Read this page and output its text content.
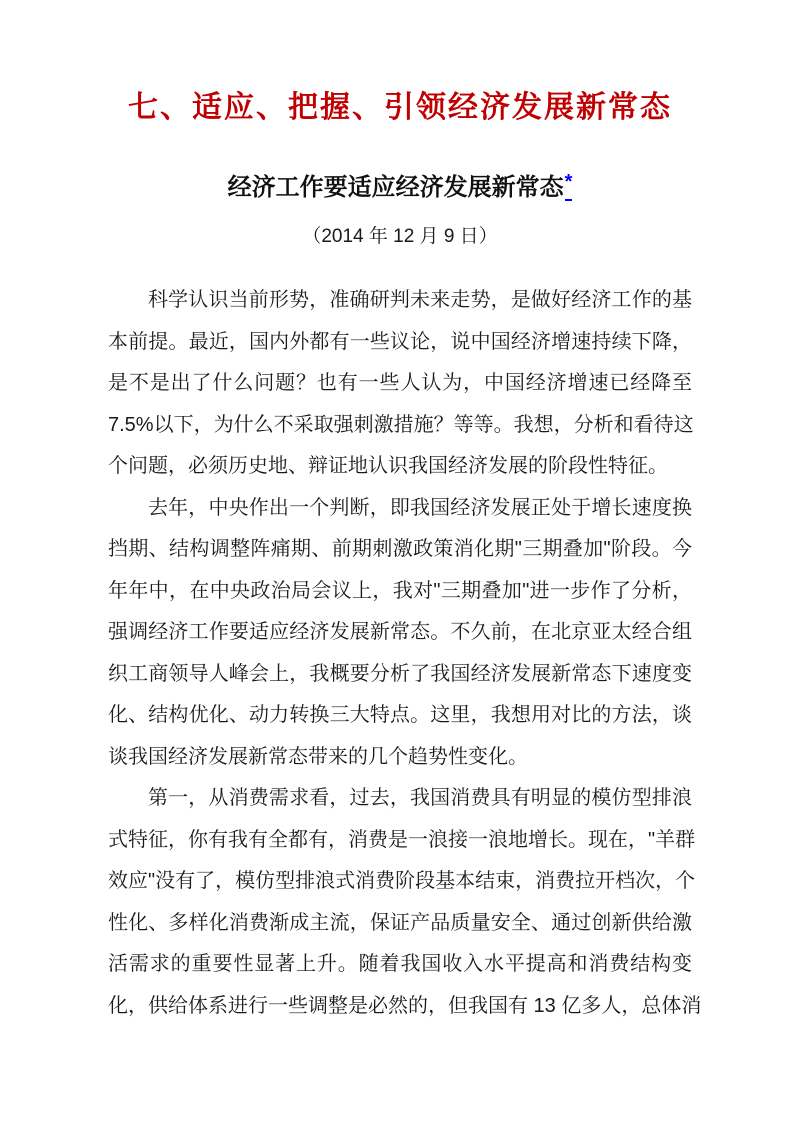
七、适应、把握、引领经济发展新常态
经济工作要适应经济发展新常态*
（2014 年 12 月 9 日）
科学认识当前形势，准确研判未来走势，是做好经济工作的基
本前提。最近，国内外都有一些议论，说中国经济增速持续下降，
是不是出了什么问题？也有一些人认为，中国经济增速已经降至
7.5%以下，为什么不采取强刺激措施？等等。我想，分析和看待这
个问题，必须历史地、辩证地认识我国经济发展的阶段性特征。
去年，中央作出一个判断，即我国经济发展正处于增长速度换
挡期、结构调整阵痛期、前期刺激政策消化期"三期叠加"阶段。今
年年中，在中央政治局会议上，我对"三期叠加"进一步作了分析，
强调经济工作要适应经济发展新常态。不久前，在北京亚太经合组
织工商领导人峰会上，我概要分析了我国经济发展新常态下速度变
化、结构优化、动力转换三大特点。这里，我想用对比的方法，谈
谈我国经济发展新常态带来的几个趋势性变化。
第一，从消费需求看，过去，我国消费具有明显的模仿型排浪
式特征，你有我有全都有，消费是一浪接一浪地增长。现在，"羊群
效应"没有了，模仿型排浪式消费阶段基本结束，消费拉开档次，个
性化、多样化消费渐成主流，保证产品质量安全、通过创新供给激
活需求的重要性显著上升。随着我国收入水平提高和消费结构变
化，供给体系进行一些调整是必然的，但我国有 13 亿多人，总体消
